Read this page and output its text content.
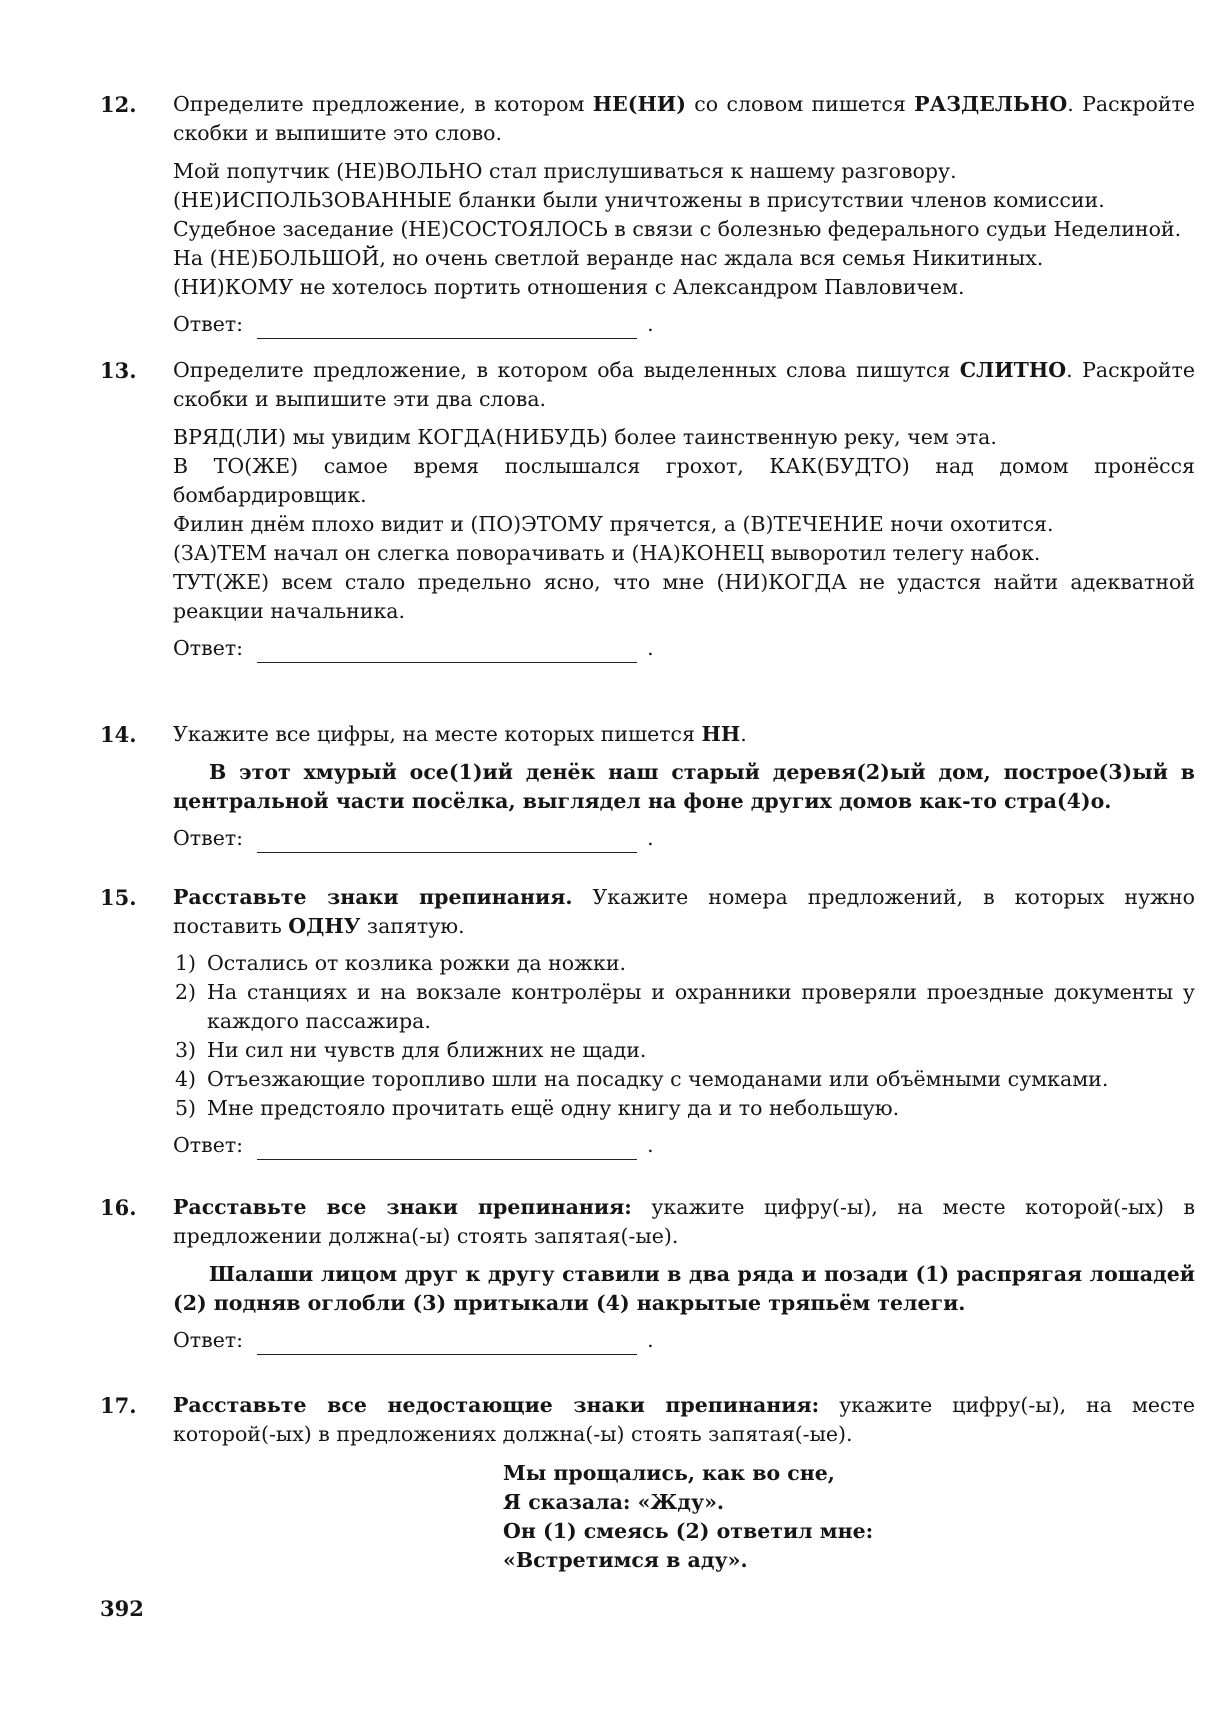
12. Определите предложение, в котором НЕ(НИ) со словом пишется РАЗДЕЛЬНО. Раскройте скобки и выпишите это слово.

Мой попутчик (НЕ)ВОЛЬНО стал прислушиваться к нашему разговору.

(НЕ)ИСПОЛЬЗОВАННЫЕ бланки были уничтожены в присутствии членов комиссии.

Судебное заседание (НЕ)СОСТОЯЛОСЬ в связи с болезнью федерального судьи Неделиной.

На (НЕ)БОЛЬШОЙ, но очень светлой веранде нас ждала вся семья Никитиных.

(НИ)КОМУ не хотелось портить отношения с Александром Павловичем.

Ответ:	.
13. Определите предложение, в котором оба выделенных слова пишутся СЛИТНО. Раскройте скобки и выпишите эти два слова.

ВРЯД(ЛИ) мы увидим КОГДА(НИБУДЬ) более таинственную реку, чем эта.

В ТО(ЖЕ) самое время послышался грохот, КАК(БУДТО) над домом пронёсся бомбардировщик.

Филин днём плохо видит и (ПО)ЭТОМУ прячется, а (В)ТЕЧЕНИЕ ночи охотится.

(ЗА)ТЕМ начал он слегка поворачивать и (НА)КОНЕЦ выворотил телегу набок.

ТУТ(ЖЕ) всем стало предельно ясно, что мне (НИ)КОГДА не удастся найти адекватной реакции начальника.

Ответ:	.
14. Укажите все цифры, на месте которых пишется НН.

В этот хмурый осе(1)ий денёк наш старый деревя(2)ый дом, построе(3)ый в центральной части посёлка, выглядел на фоне других домов как-то стра(4)о.

Ответ:	.
15. Расставьте знаки препинания. Укажите номера предложений, в которых нужно поставить ОДНУ запятую.

1) Остались от козлика рожки да ножки.
2) На станциях и на вокзале контролёры и охранники проверяли проездные документы у каждого пассажира.
3) Ни сил ни чувств для ближних не щади.
4) Отъезжающие торопливо шли на посадку с чемоданами или объёмными сумками.
5) Мне предстояло прочитать ещё одну книгу да и то небольшую.
Ответ:	.
16. Расставьте все знаки препинания: укажите цифру(-ы), на месте которой(-ых) в предложении должна(-ы) стоять запятая(-ые).

Шалаши лицом друг к другу ставили в два ряда и позади (1) распрягая лошадей (2) подняв оглобли (3) притыкали (4) накрытые тряпьём телеги.

Ответ:	.
17. Расставьте все недостающие знаки препинания: укажите цифру(-ы), на месте которой(-ых) в предложениях должна(-ы) стоять запятая(-ые).

Мы прощались, как во сне,
Я сказала: «Жду».
Он (1) смеясь (2) ответил мне:
«Встретимся в аду».
392
